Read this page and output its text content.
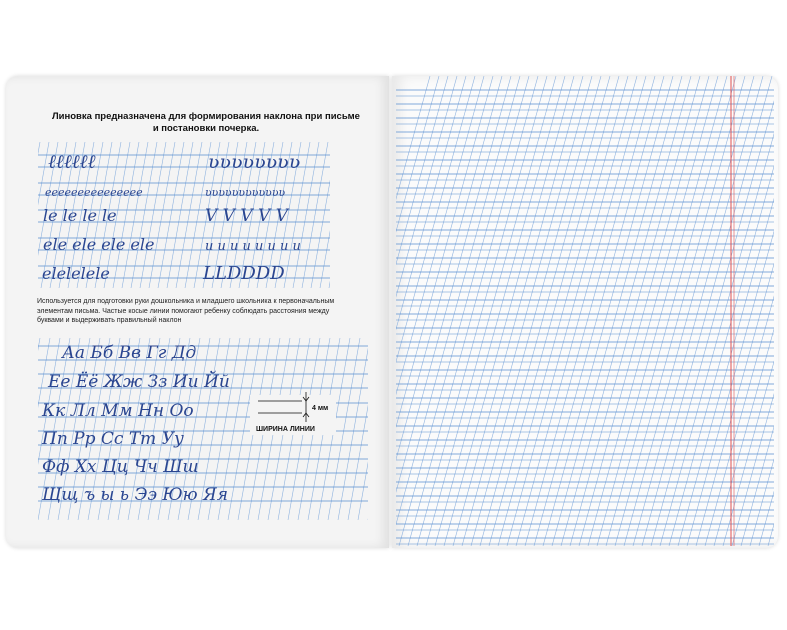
ℓℓℓℓℓℓ
eeeeeeeeeeeeeee
le le le le
ele ele ele ele
elelelele
ʋʋʋʋʋʋʋʋ
ʋʋʋʋʋʋʋʋʋʋʋʋ
V V V V V
u u u u u u u u
LLDDDD
Аа Бб Вв Гг Дд
Ее Ёё Жж Зз Ии Йй
Кк Лл Мм Нн Оо
Пп Рр Сс Тт Уу
Фф Хх Цц Чч Шш
Щщ ъ ы ь Ээ Юю Яя
4 мм
ШИРИНА ЛИНИИ
Линовка предназначена для формирования наклона при письме
и постановки почерка.
Используется для подготовки руки дошкольника и младшего школьника к первоначальным
элементам письма. Частые косые линии помогают ребенку соблюдать расстояния между
буквами и выдерживать правильный наклон
